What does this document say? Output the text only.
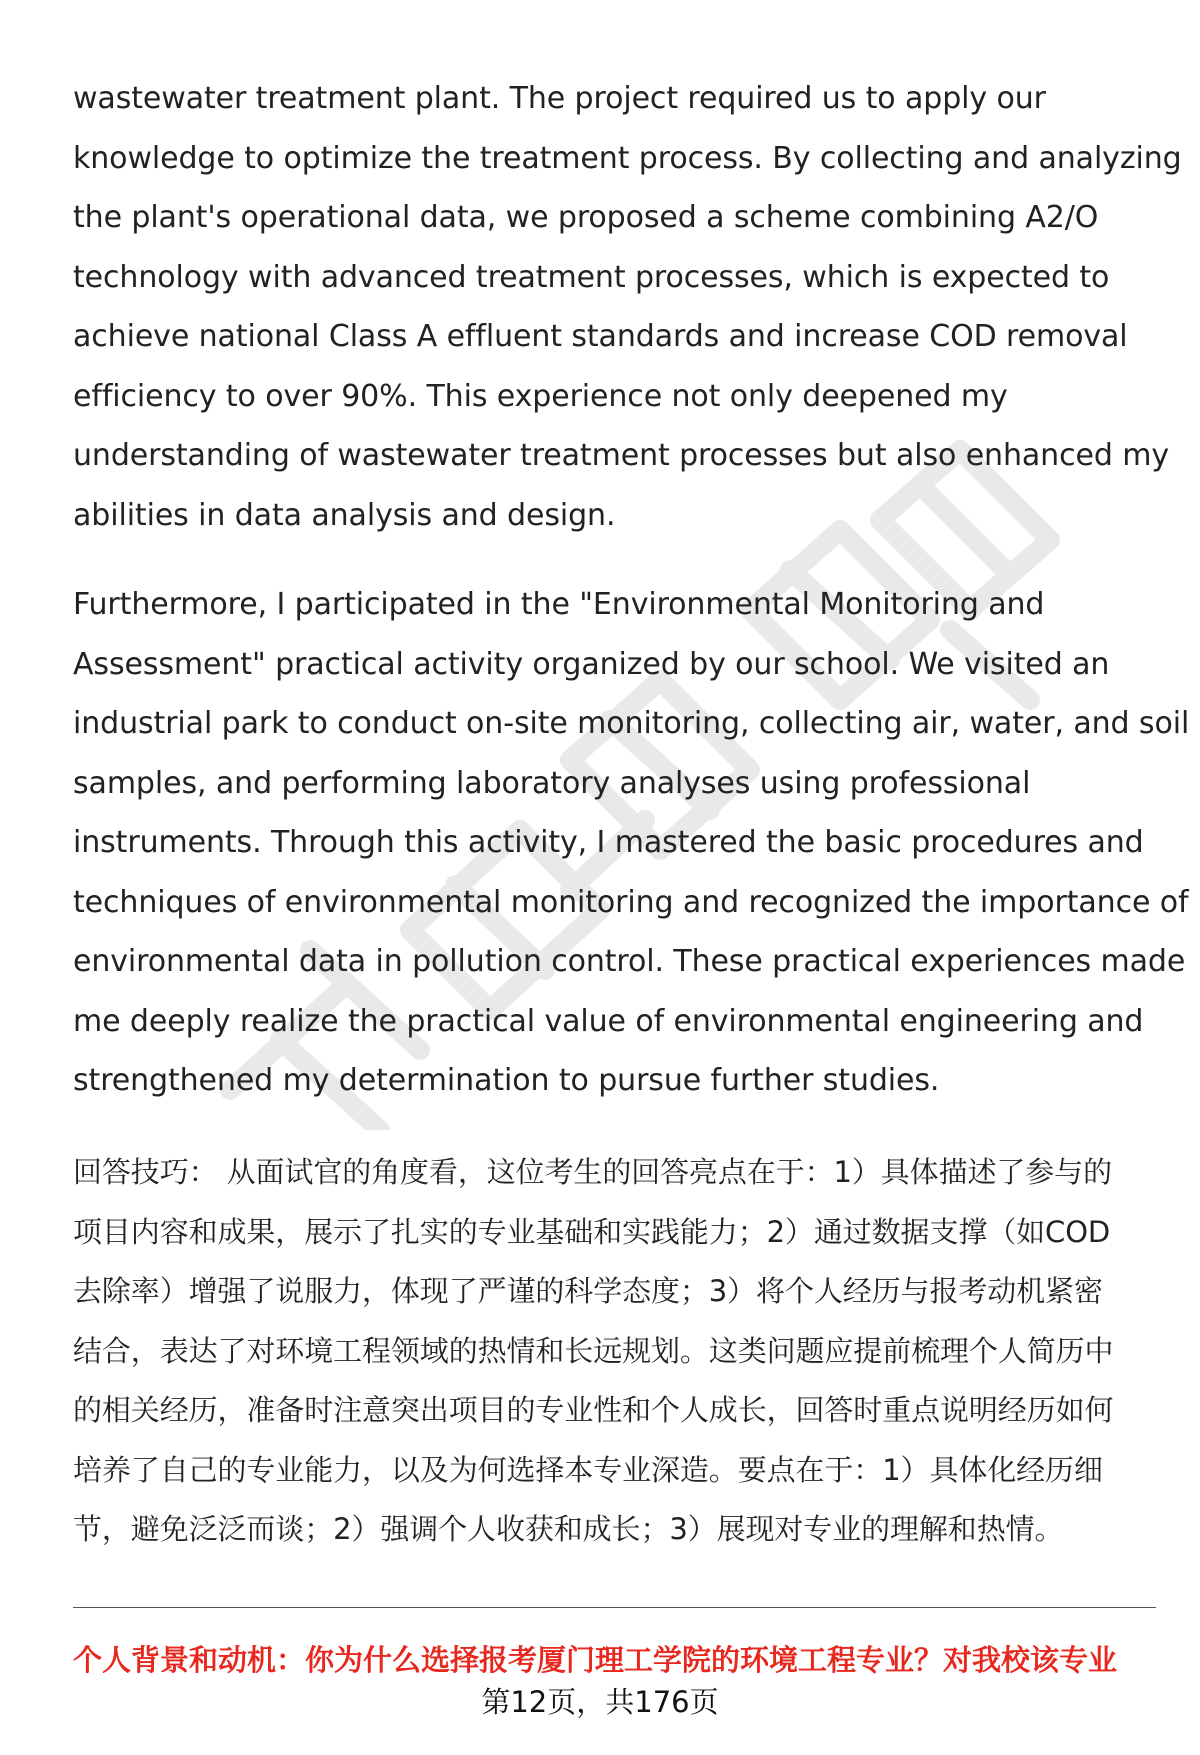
wastewater treatment plant. The project required us to apply our
knowledge to optimize the treatment process. By collecting and analyzing
the plant's operational data, we proposed a scheme combining A2/O
technology with advanced treatment processes, which is expected to
achieve national Class A effluent standards and increase COD removal
efficiency to over 90%. This experience not only deepened my
understanding of wastewater treatment processes but also enhanced my
abilities in data analysis and design.
Furthermore, I participated in the "Environmental Monitoring and
Assessment" practical activity organized by our school. We visited an
industrial park to conduct on-site monitoring, collecting air, water, and soil
samples, and performing laboratory analyses using professional
instruments. Through this activity, I mastered the basic procedures and
techniques of environmental monitoring and recognized the importance of
environmental data in pollution control. These practical experiences made
me deeply realize the practical value of environmental engineering and
strengthened my determination to pursue further studies.
回答技巧： 从面试官的角度看，这位考生的回答亮点在于：1）具体描述了参与的
项目内容和成果，展示了扎实的专业基础和实践能力；2）通过数据支撑（如COD
去除率）增强了说服力，体现了严谨的科学态度；3）将个人经历与报考动机紧密
结合，表达了对环境工程领域的热情和长远规划。这类问题应提前梳理个人简历中
的相关经历，准备时注意突出项目的专业性和个人成长，回答时重点说明经历如何
培养了自己的专业能力，以及为何选择本专业深造。要点在于：1）具体化经历细
节，避免泛泛而谈；2）强调个人收获和成长；3）展现对专业的理解和热情。
个人背景和动机：你为什么选择报考厦门理工学院的环境工程专业？对我校该专业
第12页，共176页
